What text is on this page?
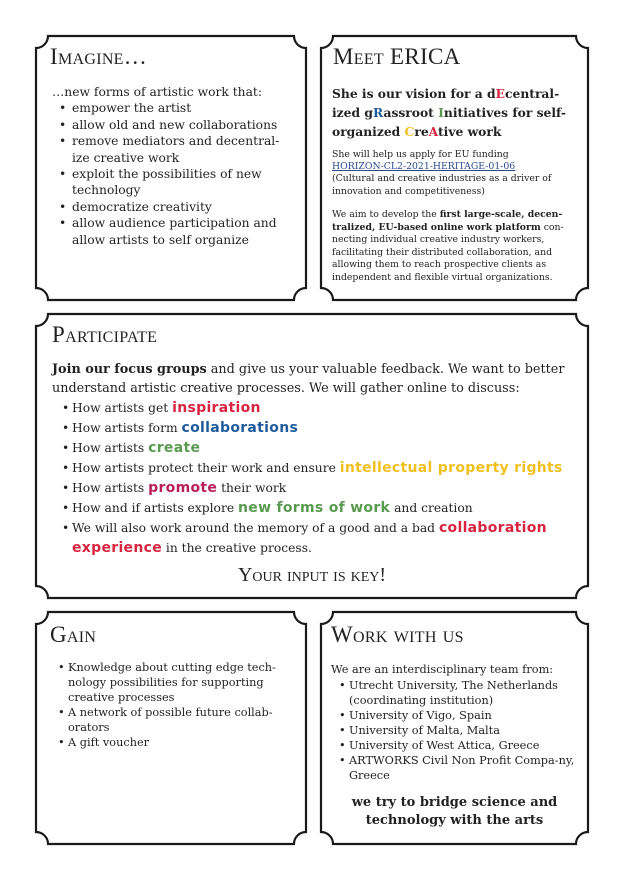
Imagine…
…new forms of artistic work that:
• empower the artist
• allow old and new collaborations
• remove mediators and decentral-ize creative work
• exploit the possibilities of new technology
• democratize creativity
• allow audience participation and allow artists to self organize
Meet ERICA
She is our vision for a dEcentral-ized gRassroot Initiatives for self-organized CreAtive work
She will help us apply for EU funding
HORIZON-CL2-2021-HERITAGE-01-06
(Cultural and creative industries as a driver of innovation and competitiveness)
We aim to develop the first large-scale, decen-tralized, EU-based online work platform con-necting individual creative industry workers, facilitating their distributed collaboration, and allowing them to reach prospective clients as independent and flexible virtual organizations.
Participate
Join our focus groups and give us your valuable feedback. We want to better understand artistic creative processes. We will gather online to discuss:
• How artists get inspiration
• How artists form collaborations
• How artists create
• How artists protect their work and ensure intellectual property rights
• How artists promote their work
• How and if artists explore new forms of work and creation
• We will also work around the memory of a good and a bad collaboration experience in the creative process.
Your input is key!
Gain
• Knowledge about cutting edge tech-nology possibilities for supporting creative processes
• A network of possible future collab-orators
• A gift voucher
Work with us
We are an interdisciplinary team from:
• Utrecht University, The Netherlands (coordinating institution)
• University of Vigo, Spain
• University of Malta, Malta
• University of West Attica, Greece
• ARTWORKS Civil Non Profit Compa-ny, Greece
we try to bridge science and technology with the arts
